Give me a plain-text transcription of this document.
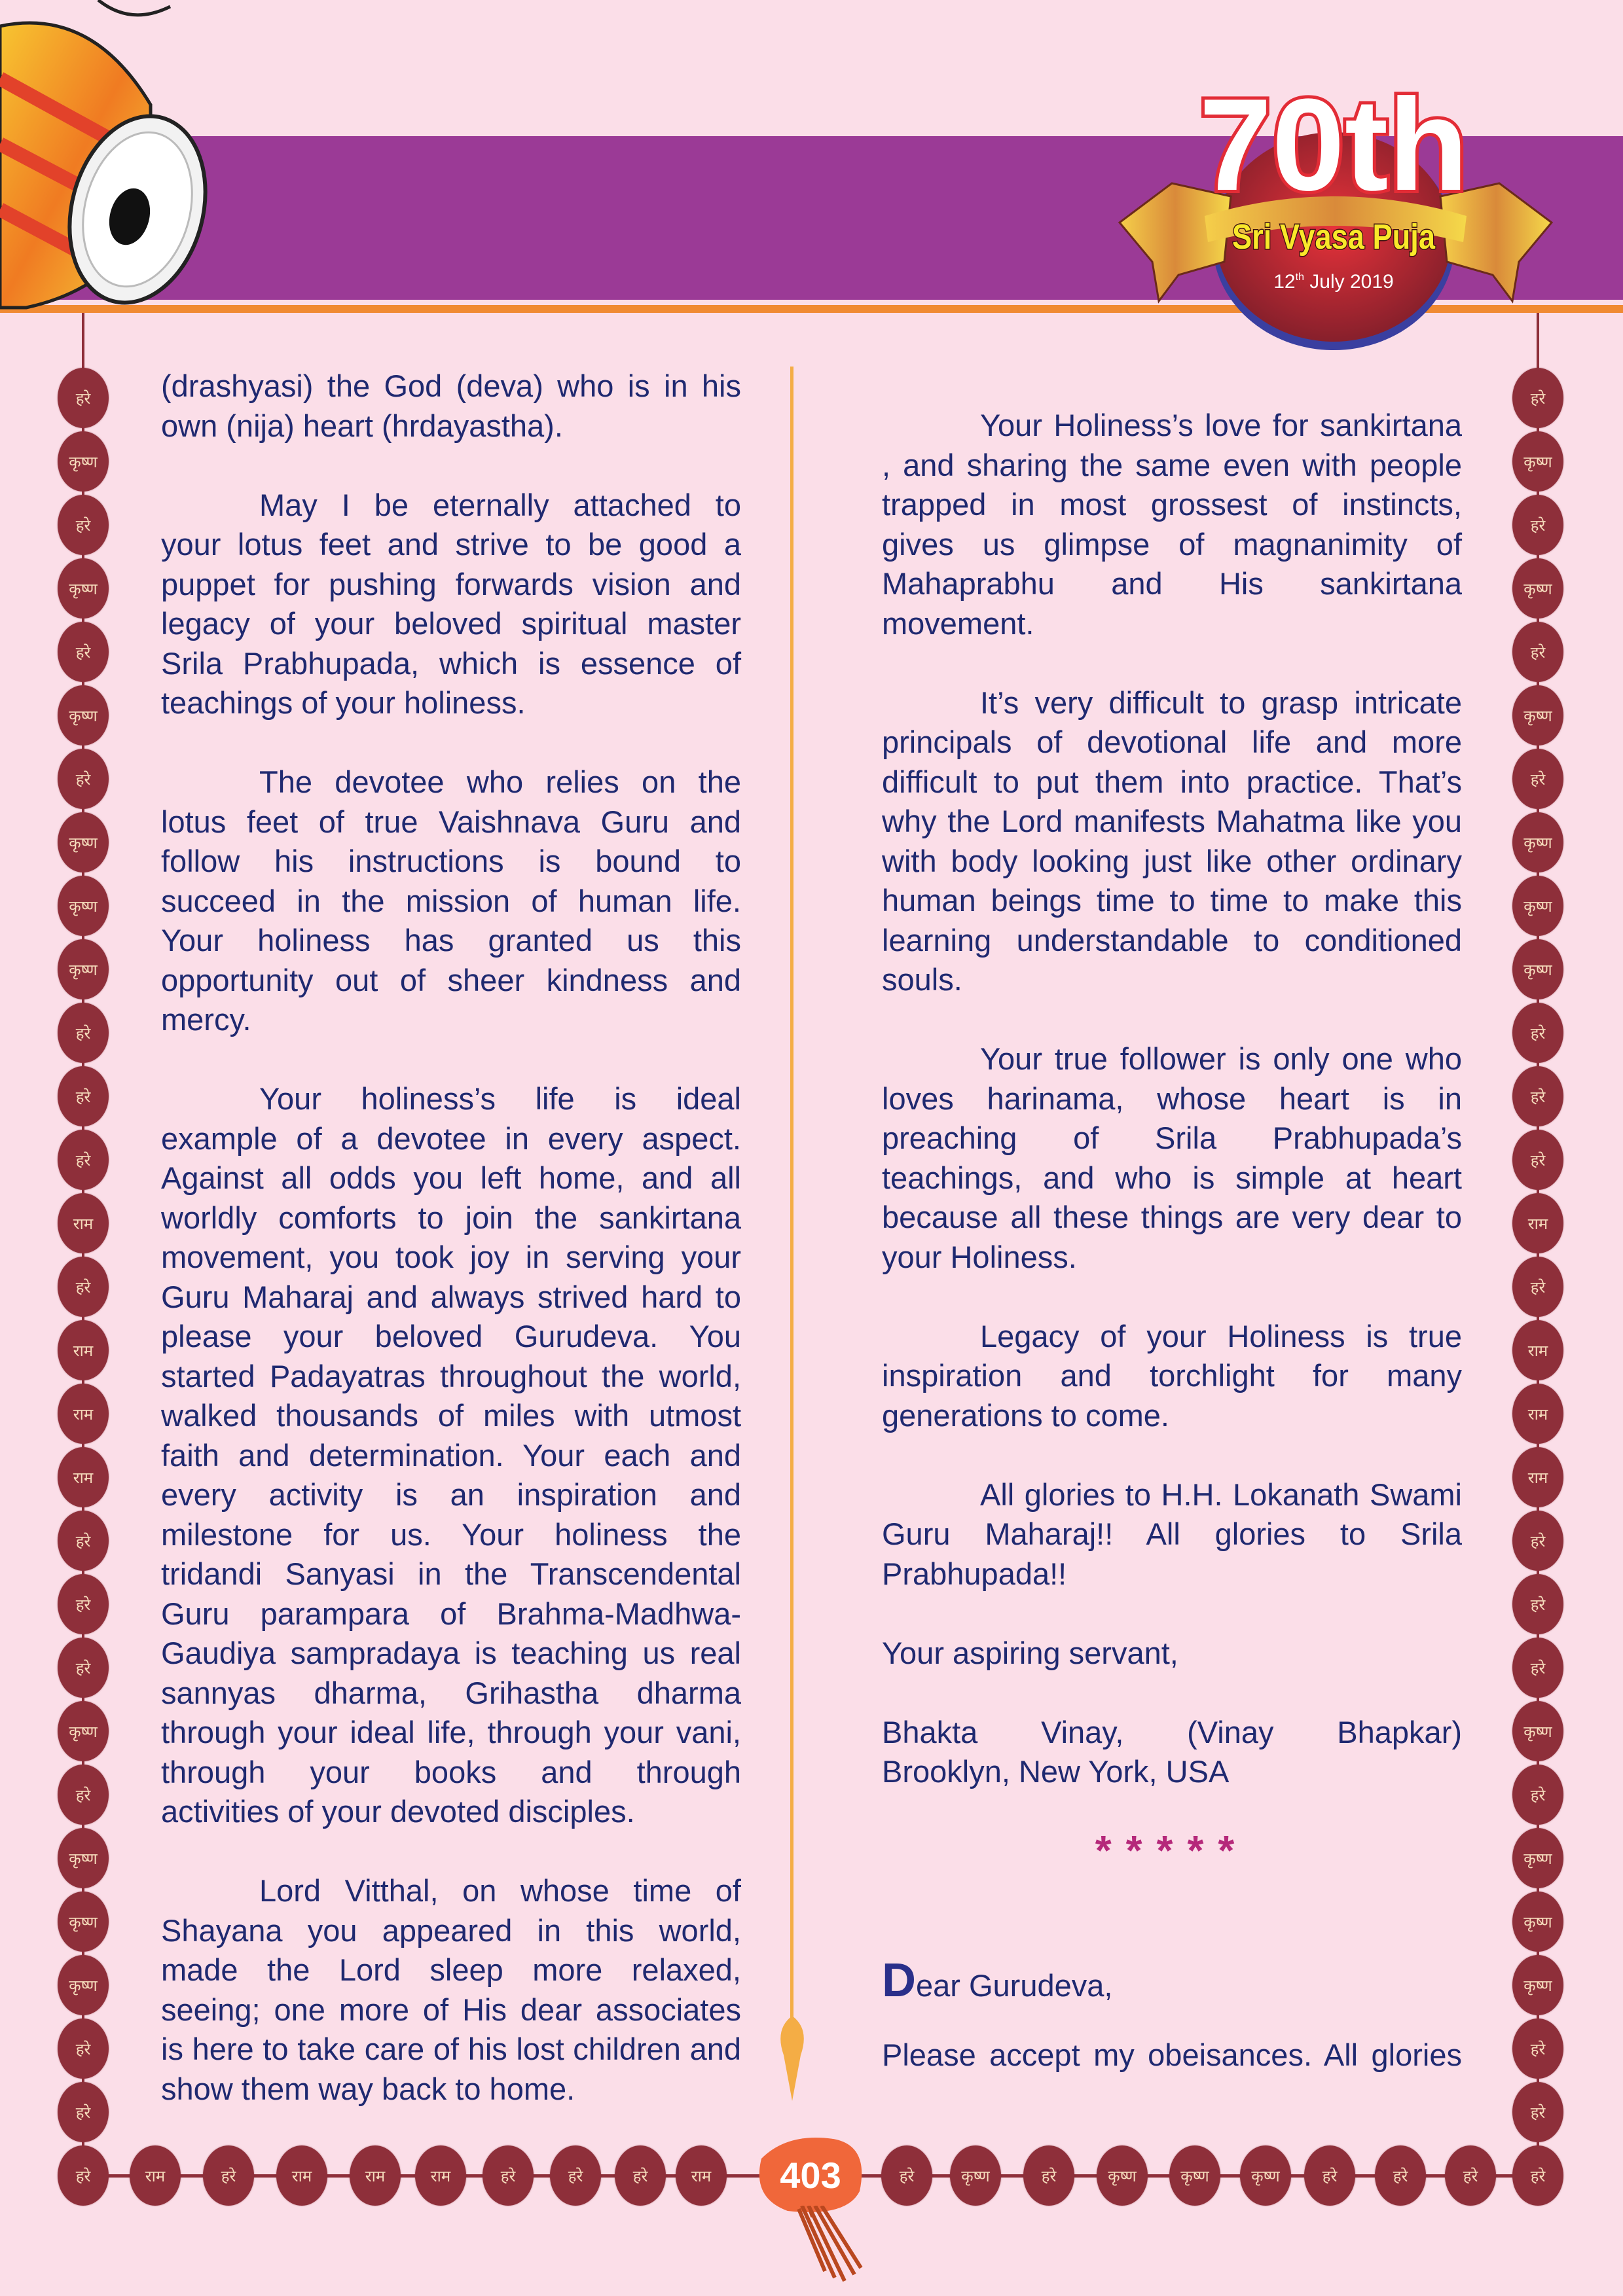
70th
Sri Vyasa Puja
12th July 2019
हरे
कृष्ण
हरे
कृष्ण
हरे
कृष्ण
हरे
कृष्ण
कृष्ण
कृष्ण
हरे
हरे
हरे
राम
हरे
राम
राम
राम
हरे
हरे
हरे
कृष्ण
हरे
कृष्ण
कृष्ण
कृष्ण
हरे
हरे
हरे
कृष्ण
हरे
कृष्ण
हरे
कृष्ण
हरे
कृष्ण
कृष्ण
कृष्ण
हरे
हरे
हरे
राम
हरे
राम
राम
राम
हरे
हरे
हरे
कृष्ण
हरे
कृष्ण
कृष्ण
कृष्ण
हरे
हरे
हरे	राम	हरे	राम	राम	राम	हरे	हरे	हरे	राम	हरे	कृष्ण	हरे	कृष्ण	कृष्ण	कृष्ण	हरे	हरे	हरे	हरे
403
(drashyasi) the God (deva) who is in his
own (nija) heart (hrdayastha).
May I be eternally attached to
your lotus feet and strive to be good a
puppet for pushing forwards vision and
legacy of your beloved spiritual master
Srila Prabhupada, which is essence of
teachings of your holiness.
The devotee who relies on the
lotus feet of true Vaishnava Guru and
follow his instructions is bound to
succeed in the mission of human life.
Your holiness has granted us this
opportunity out of sheer kindness and
mercy.
Your holiness’s life is ideal
example of a devotee in every aspect.
Against all odds you left home, and all
worldly comforts to join the sankirtana
movement, you took joy in serving your
Guru Maharaj and always strived hard to
please your beloved Gurudeva. You
started Padayatras throughout the world,
walked thousands of miles with utmost
faith and determination. Your each and
every activity is an inspiration and
milestone for us. Your holiness the
tridandi Sanyasi in the Transcendental
Guru parampara of Brahma-Madhwa-
Gaudiya sampradaya is teaching us real
sannyas dharma, Grihastha dharma
through your ideal life, through your vani,
through your books and through
activities of your devoted disciples.
Lord Vitthal, on whose time of
Shayana you appeared in this world,
made the Lord sleep more relaxed,
seeing; one more of His dear associates
is here to take care of his lost children and
show them way back to home.
Your Holiness’s love for sankirtana
, and sharing the same even with people
trapped in most grossest of instincts,
gives us glimpse of magnanimity of
Mahaprabhu and His sankirtana
movement.
It’s very difficult to grasp intricate
principals of devotional life and more
difficult to put them into practice. That’s
why the Lord manifests Mahatma like you
with body looking just like other ordinary
human beings time to time to make this
learning understandable to conditioned
souls.
Your true follower is only one who
loves harinama, whose heart is in
preaching of Srila Prabhupada’s
teachings, and who is simple at heart
because all these things are very dear to
your Holiness.
Legacy of your Holiness is true
inspiration and torchlight for many
generations to come.
All glories to H.H. Lokanath Swami
Guru Maharaj!! All glories to Srila
Prabhupada!!
Your aspiring servant,
Bhakta Vinay, (Vinay Bhapkar)
Brooklyn, New York, USA
*****
Dear Gurudeva,
Please accept my obeisances. All glories
